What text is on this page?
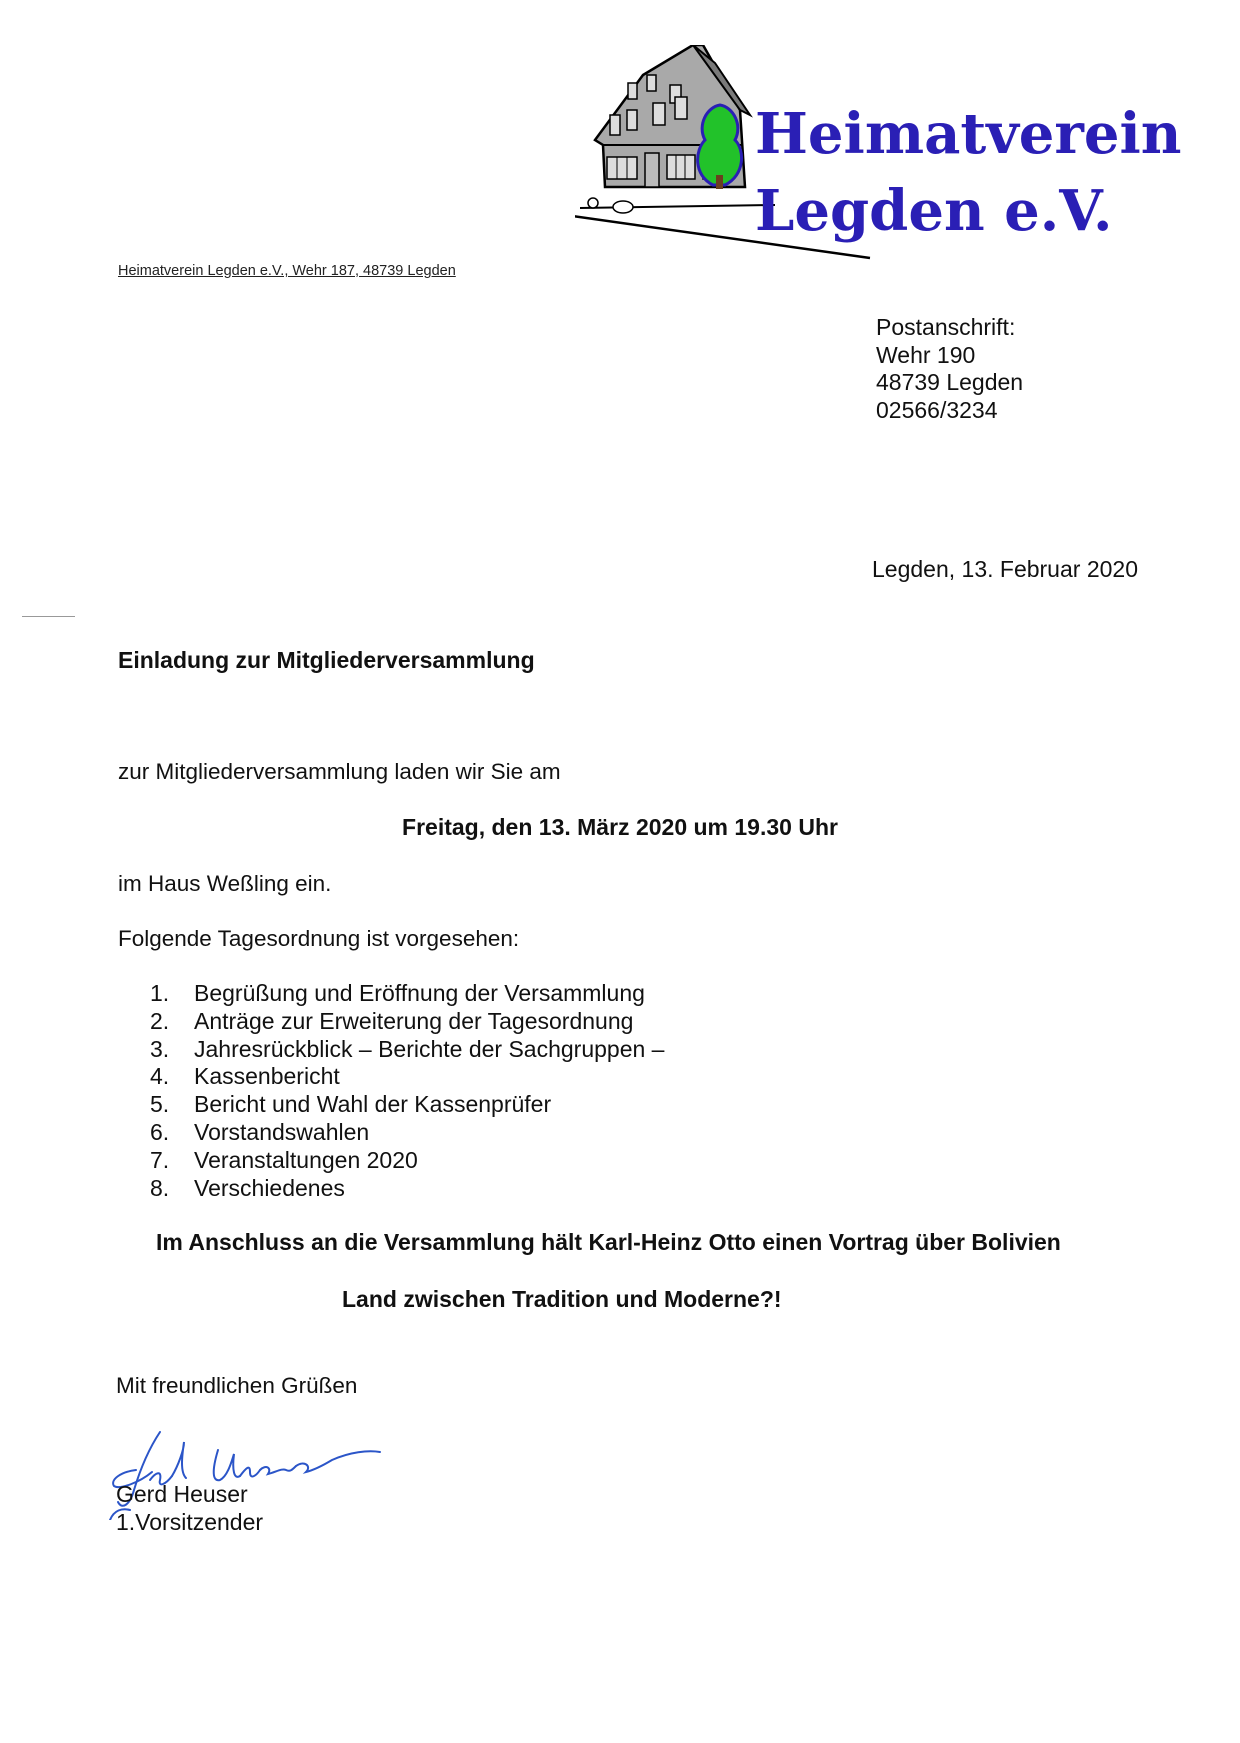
Heimatverein
Legden e.V.
Heimatverein Legden e.V., Wehr 187, 48739 Legden
Postanschrift:
Wehr 190
48739 Legden
02566/3234
Legden, 13. Februar 2020
Einladung zur Mitgliederversammlung
zur Mitgliederversammlung laden wir Sie am
Freitag, den 13. März 2020 um 19.30 Uhr
im Haus Weßling ein.
Folgende Tagesordnung ist vorgesehen:
1. Begrüßung und Eröffnung der Versammlung
2. Anträge zur Erweiterung der Tagesordnung
3. Jahresrückblick – Berichte der Sachgruppen –
4. Kassenbericht
5. Bericht und Wahl der Kassenprüfer
6. Vorstandswahlen
7. Veranstaltungen 2020
8. Verschiedenes
Im Anschluss an die Versammlung hält Karl-Heinz Otto einen Vortrag über Bolivien
Land zwischen Tradition und Moderne?!
Mit freundlichen Grüßen
Gerd Heuser
1.Vorsitzender
